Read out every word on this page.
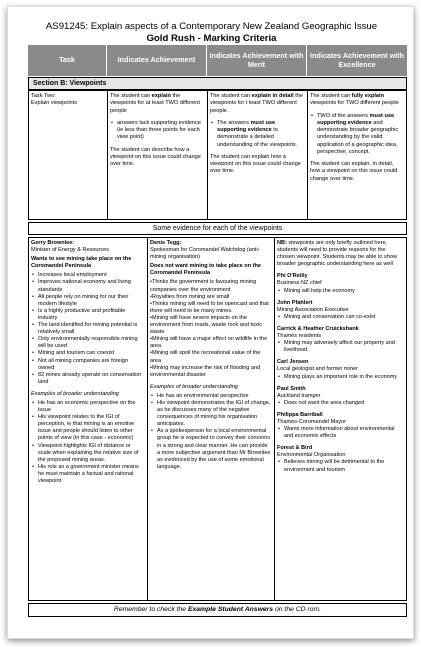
AS91245: Explain aspects of a Contemporary New Zealand Geographic Issue
Gold Rush - Marking Criteria
Task	Indicates Achievement	Indicates Achievement with Merit
Indicates Achievement with Excellence
Section B: Viewpoints
Task Two:
Explain viewpoints

The student can explain the viewpoints for at least TWO different people

• answers lack supporting evidence (ie less than three points for each view point)

The student can describe how a viewpoint on this issue could change over time.

The student can explain in detail the viewpoints for t least TWO different people.

• The answers must use supporting evidence to demonstrate a detailed understanding of the viewpoints.

The student can explain how a viewpoint on this issue could change over time.

The student can fully explain viewpoints for TWO different people

• TWO of the answers must use supporting evidence and demonstrate broader geographic understanding by the valid application of a geographic idea, perspective, concept.

The student can explain, in detail, how a viewpoint on this issue could change over time.

Some evidence for each of the viewpoints

Gerry Brownlee:

Minister of Energy & Resources

Wants to see mining take place on the Coromandel Peninsula

• Increases local employment
• Improves national economy and living standards
• All people rely on mining for our their modern lifestyle
• Is a highly productive and profitable industry
• The land identified for mining potential is relatively small
• Only environmentally responsible mining will be used
• Mining and tourism can coexist
• Not all mining companies are foreign owned
• 82 mines already operate on conservation land

Examples of broader understanding

• He has an economic perspective on the issue
• His viewpoint relates to the IGI of perception, ie that mining is an emotive issue and people should listen to other points of view (in this case - economic)
• Viewpoint highlights IGI of distance or scale when explaining the relative size of the proposed mining areas.
• His role as a government minister means he must maintain a factual and rational viewpoint

Denis Tegg:

Spokesman for Coromandel Watchdog (anti-mining organisation)

Does not want mining to take place on the Coromandel Peninsula

•Thinks the government is favouring mining companies over the environment
•Royalties from mining are small
•Thinks mining will need to be opencast and that there will need to be many mines.
•Mining will have severe impacts on the environment from roads, waste rock and toxic waste
•Mining will have a major effect on wildlife in the area
•Mining will spoil the recreational value of the area
•Mining may increase the risk of flooding and environmental disaster

Examples of broader understanding

• He has an environmental perspective
• His viewpoint demonstrates the IGI of change, as he discusses many of the negative consequences of mining his organisation anticipates.
• As a spokesperson for a local environmental group he is expected to convey their concerns in a strong and clear manner. He can provide a more subjective argument than Mr Brownlee as evidenced by the use of some emotional language.

NB: viewpoints are only briefly outlined here, students will need to provide reasons for the chosen viewpoint. Students may be able to show broader geographic understanding here as well

Phi O'Reilly
Business NZ chief
• Mining will help the economy
John Pfahlert
Mining Association Executive
• Mining and conservation can co-exist
Carrick & Heather Cruickshank
Thames residents
• Mining may adversely affect our property and livelihood
Carl Jensen
Local geologist and former miner
• Mining plays an important role in the economy
Paul Smith
Auckland tramper
• Does not want the area changed
Philippa Barriball
Thames-Coromandel Mayor
• Wants more information about environmental and economic effects
Forest & Bird
Environmental Organisation
• Believes mining will be detrimental to the environment and tourism
Remember to check the Example Student Answers on the CD rom.
